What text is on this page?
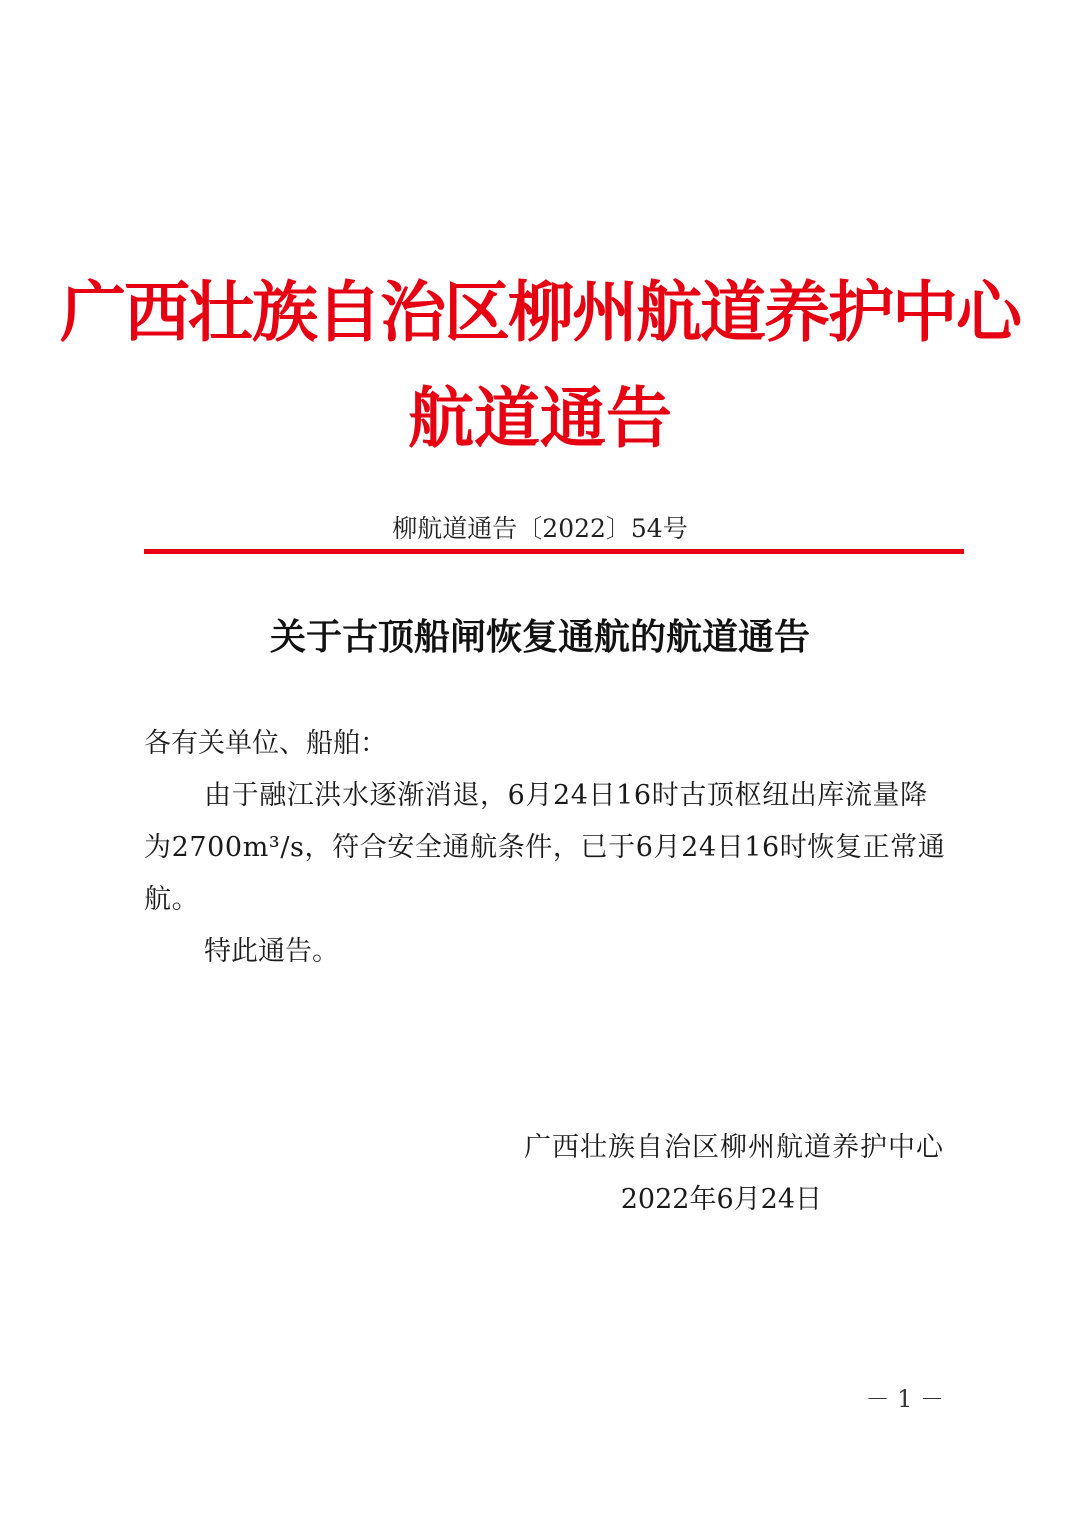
广西壮族自治区柳州航道养护中心
航道通告
柳航道通告〔2022〕54号
关于古顶船闸恢复通航的航道通告
各有关单位、船舶：
由于融江洪水逐渐消退，6月24日16时古顶枢纽出库流量降为2700m³/s，符合安全通航条件，已于6月24日16时恢复正常通航。
特此通告。
广西壮族自治区柳州航道养护中心
2022年6月24日
－ 1 －
